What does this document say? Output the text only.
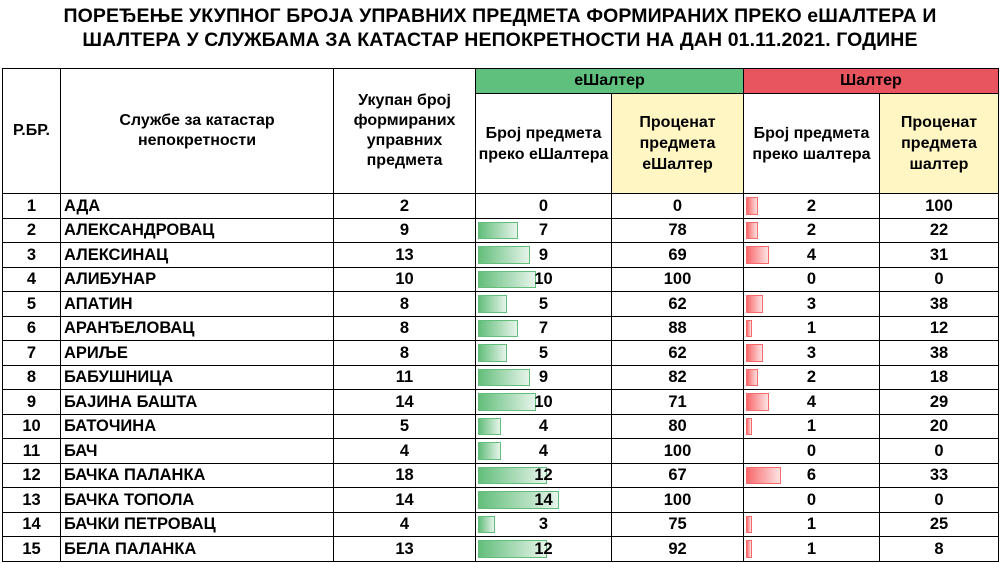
ПОРЕЂЕЊЕ УКУПНОГ БРОЈА УПРАВНИХ ПРЕДМЕТА ФОРМИРАНИХ ПРЕКО еШАЛТЕРА И
ШАЛТЕРА У СЛУЖБАМА ЗА КАТАСТАР НЕПОКРЕТНОСТИ НА ДАН 01.11.2021. ГОДИНЕ
Р.БР.	Службе за катастар непокретности	Укупан број формираних управних предмета	еШалтер		Шалтер	
			Број предмета преко еШалтера	Проценат предмета еШалтер	Број предмета преко шалтера	Проценат предмета шалтер
1	АДА	2	0	0	2	100
2	АЛЕКСАНДРОВАЦ	9	7	78	2	22
3	АЛЕКСИНАЦ	13	9	69	4	31
4	АЛИБУНАР	10	10	100	0	0
5	АПАТИН	8	5	62	3	38
6	АРАНЂЕЛОВАЦ	8	7	88	1	12
7	АРИЉЕ	8	5	62	3	38
8	БАБУШНИЦА	11	9	82	2	18
9	БАЈИНА БАШТА	14	10	71	4	29
10	БАТОЧИНА	5	4	80	1	20
11	БАЧ	4	4	100	0	0
12	БАЧКА ПАЛАНКА	18	12	67	6	33
13	БАЧКА ТОПОЛА	14	14	100	0	0
14	БАЧКИ ПЕТРОВАЦ	4	3	75	1	25
15	БЕЛА ПАЛАНКА	13	12	92	1	8
